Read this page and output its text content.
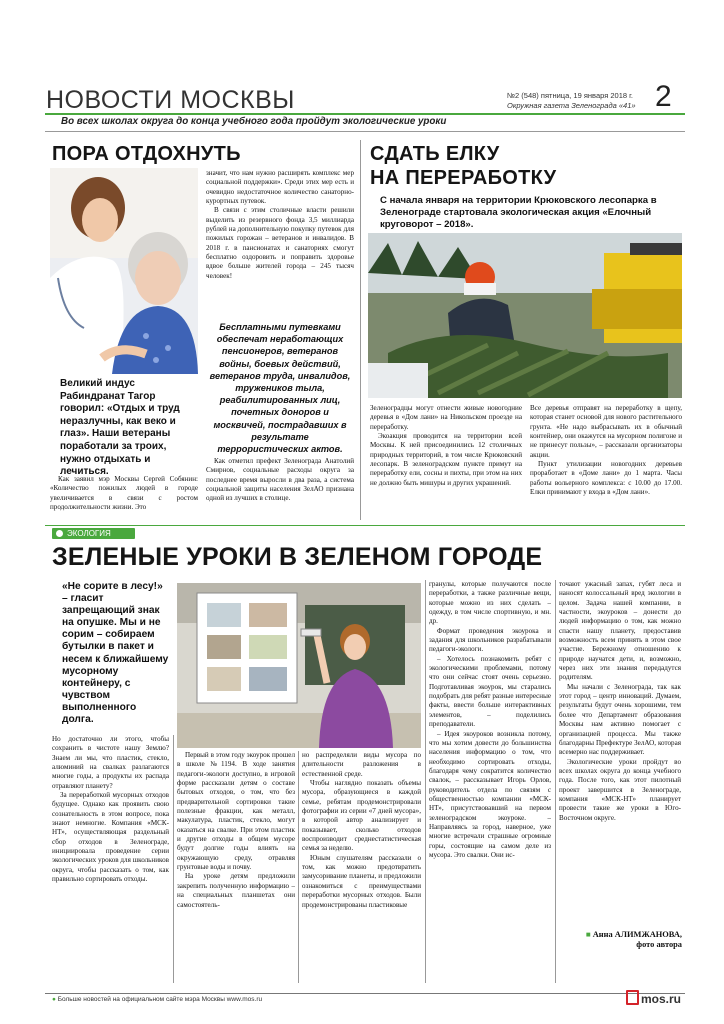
НОВОСТИ МОСКВЫ	№2 (548) пятница, 19 января 2018 г.
Окружная газета Зеленограда «41» 2
Во всех школах округа до конца учебного года пройдут экологические уроки
ПОРА ОТДОХНУТЬ
Великий индус Рабиндранат Тагор говорил: «Отдых и труд неразлучны, как веко и глаз». Наши ветераны поработали за троих, нужно отдыхать и лечиться.

Как заявил мэр Москвы Сергей Собянин: «Количество пожилых людей в городе увеличивается в связи с ростом продолжительности жизни. Это

значит, что нам нужно расширять комплекс мер социальной поддержки». Среди этих мер есть и очевидно недостаточное количество санаторно-курортных путевок.

В связи с этим столичные власти решили выделить из резервного фонда 3,5 миллиарда рублей на дополнительную покупку путевок для пожилых горожан – ветеранов и инвалидов. В 2018 г. в пансионатах и санаториях смогут бесплатно оздоровить и поправить здоровье вдвое больше жителей города – 245 тысяч человек!

Бесплатными путевками обеспечат неработающих пенсионеров, ветеранов войны, боевых действий, ветеранов труда, инвалидов, тружеников тыла, реабилитированных лиц, почетных доноров и москвичей, пострадавших в результате террористических актов.

Как отметил префект Зеленограда Анатолий Смирнов, социальные расходы округа за последнее время выросли в два раза, а система социальной защиты населения ЗелАО признана одной из лучших в столице.

СДАТЬ ЕЛКУ
НА ПЕРЕРАБОТКУ
С начала января на территории Крюковского лесопарка в Зеленограде стартовала экологическая акция «Елочный круговорот – 2018».

Зеленоградцы могут отнести живые новогодние деревья в «Дом лани» на Никольском проезде на переработку.

Экоакция проводится на территории всей Москвы. К ней присоединились 12 столичных природных территорий, в том числе Крюковский лесопарк. В зеленоградском пункте примут на переработку ели, сосны и пихты, при этом на них не должно быть мишуры и других украшений.

Все деревья отправят на переработку в щепу, которая станет основой для нового растительного грунта. «Не надо выбрасывать их в обычный контейнер, они окажутся на мусорном полигоне и не принесут пользы», – рассказали организаторы акции.

Пункт утилизации новогодних деревьев проработает в «Доме лани» до 1 марта. Часы работы вольерного комплекса: с 10.00 до 17.00. Елки принимают у входа в «Дом лани».

ЭКОЛОГИЯ
ЗЕЛЕНЫЕ УРОКИ В ЗЕЛЕНОМ ГОРОДЕ
«Не сорите в лесу!» – гласит запрещающий знак на опушке. Мы и не сорим – собираем бутылки в пакет и несем к ближайшему мусорному контейнеру, с чувством выполненного долга.

Но достаточно ли этого, чтобы сохранить в чистоте нашу Землю? Знаем ли мы, что пластик, стекло, алюминий на свалках разлагаются многие годы, а продукты их распада отравляют планету?

За переработкой мусорных отходов будущее. Однако как проявить свою сознательность в этом вопросе, пока знают немногие. Компания «МСК-НТ», осуществляющая раздельный сбор отходов в Зеленограде, инициировала проведение серии экологических уроков для школьников округа, чтобы рассказать о том, как правильно сортировать отходы.

Первый в этом году экоурок прошел в школе №1194. В ходе занятия педагоги-экологи доступно, в игровой форме рассказали детям о составе бытовых отходов, о том, что без предварительной сортировки такие полезные фракции, как металл, макулатура, пластик, стекло, могут оказаться на свалке. При этом пластик и другие отходы в общем мусоре будут долгие годы влиять на окружающую среду, отравляя грунтовые воды и почву.

На уроке детям предложили закрепить полученную информацию – на специальных планшетах они самостоятель-

но распределяли виды мусора по длительности разложения в естественной среде.

Чтобы наглядно показать объемы мусора, образующиеся в каждой семье, ребятам продемонстрировали фотографии из серии «7 дней мусора», в которой автор анализирует и показывает, сколько отходов воспроизводит среднестатистическая семья за неделю.

Юным слушателям рассказали о том, как можно предотвратить замусоривание планеты, и предложили ознакомиться с преимуществами переработки мусорных отходов. Были продемонстрированы пластиковые

гранулы, которые получаются после переработки, а также различные вещи, которые можно из них сделать – одежду, в том числе спортивную, и мн. др.

Формат проведения экоурока и задания для школьников разрабатывали педагоги-экологи.

– Хотелось познакомить ребят с экологическими проблемами, потому что они сейчас стоят очень серьезно. Подготавливая экоурок, мы старались подобрать для ребят разные интересные факты, ввести больше интерактивных элементов, – поделились преподаватели.

– Идея экоуроков возникла потому, что мы хотим довести до большинства населения информацию о том, что необходимо сортировать отходы, благодаря чему сократится количество свалок, – рассказывает Игорь Орлов, руководитель отдела по связям с общественностью компании «МСК-НТ», присутствовавший на первом зеленоградском экоуроке. – Направляясь за город, наверное, уже многие встречали страшные огромные горы, состоящие на самом деле из мусора. Это свалки. Они ис-

точают ужасный запах, губят леса и наносят колоссальный вред экологии в целом. Задача нашей компании, в частности, экоуроков – донести до людей информацию о том, как можно спасти нашу планету, предоставив возможность всем принять в этом свое участие. Бережному отношению к природе научатся дети, и, возможно, через них эти знания передадутся родителям.

Мы начали с Зеленограда, так как этот город – центр инноваций. Думаем, результаты будут очень хорошими, тем более что Департамент образования Москвы нам активно помогает с организацией процесса. Мы также благодарны Префектуре ЗелАО, которая всемерно нас поддерживает.

Экологические уроки пройдут во всех школах округа до конца учебного года. После того, как этот пилотный проект завершится в Зеленограде, компания «МСК-НТ» планирует провести такие же уроки в Юго-Восточном округе.

■ Анна АЛИМЖАНОВА,
фото автора
● Больше новостей на официальном сайте мэра Москвы www.mos.ru	mos.ru
